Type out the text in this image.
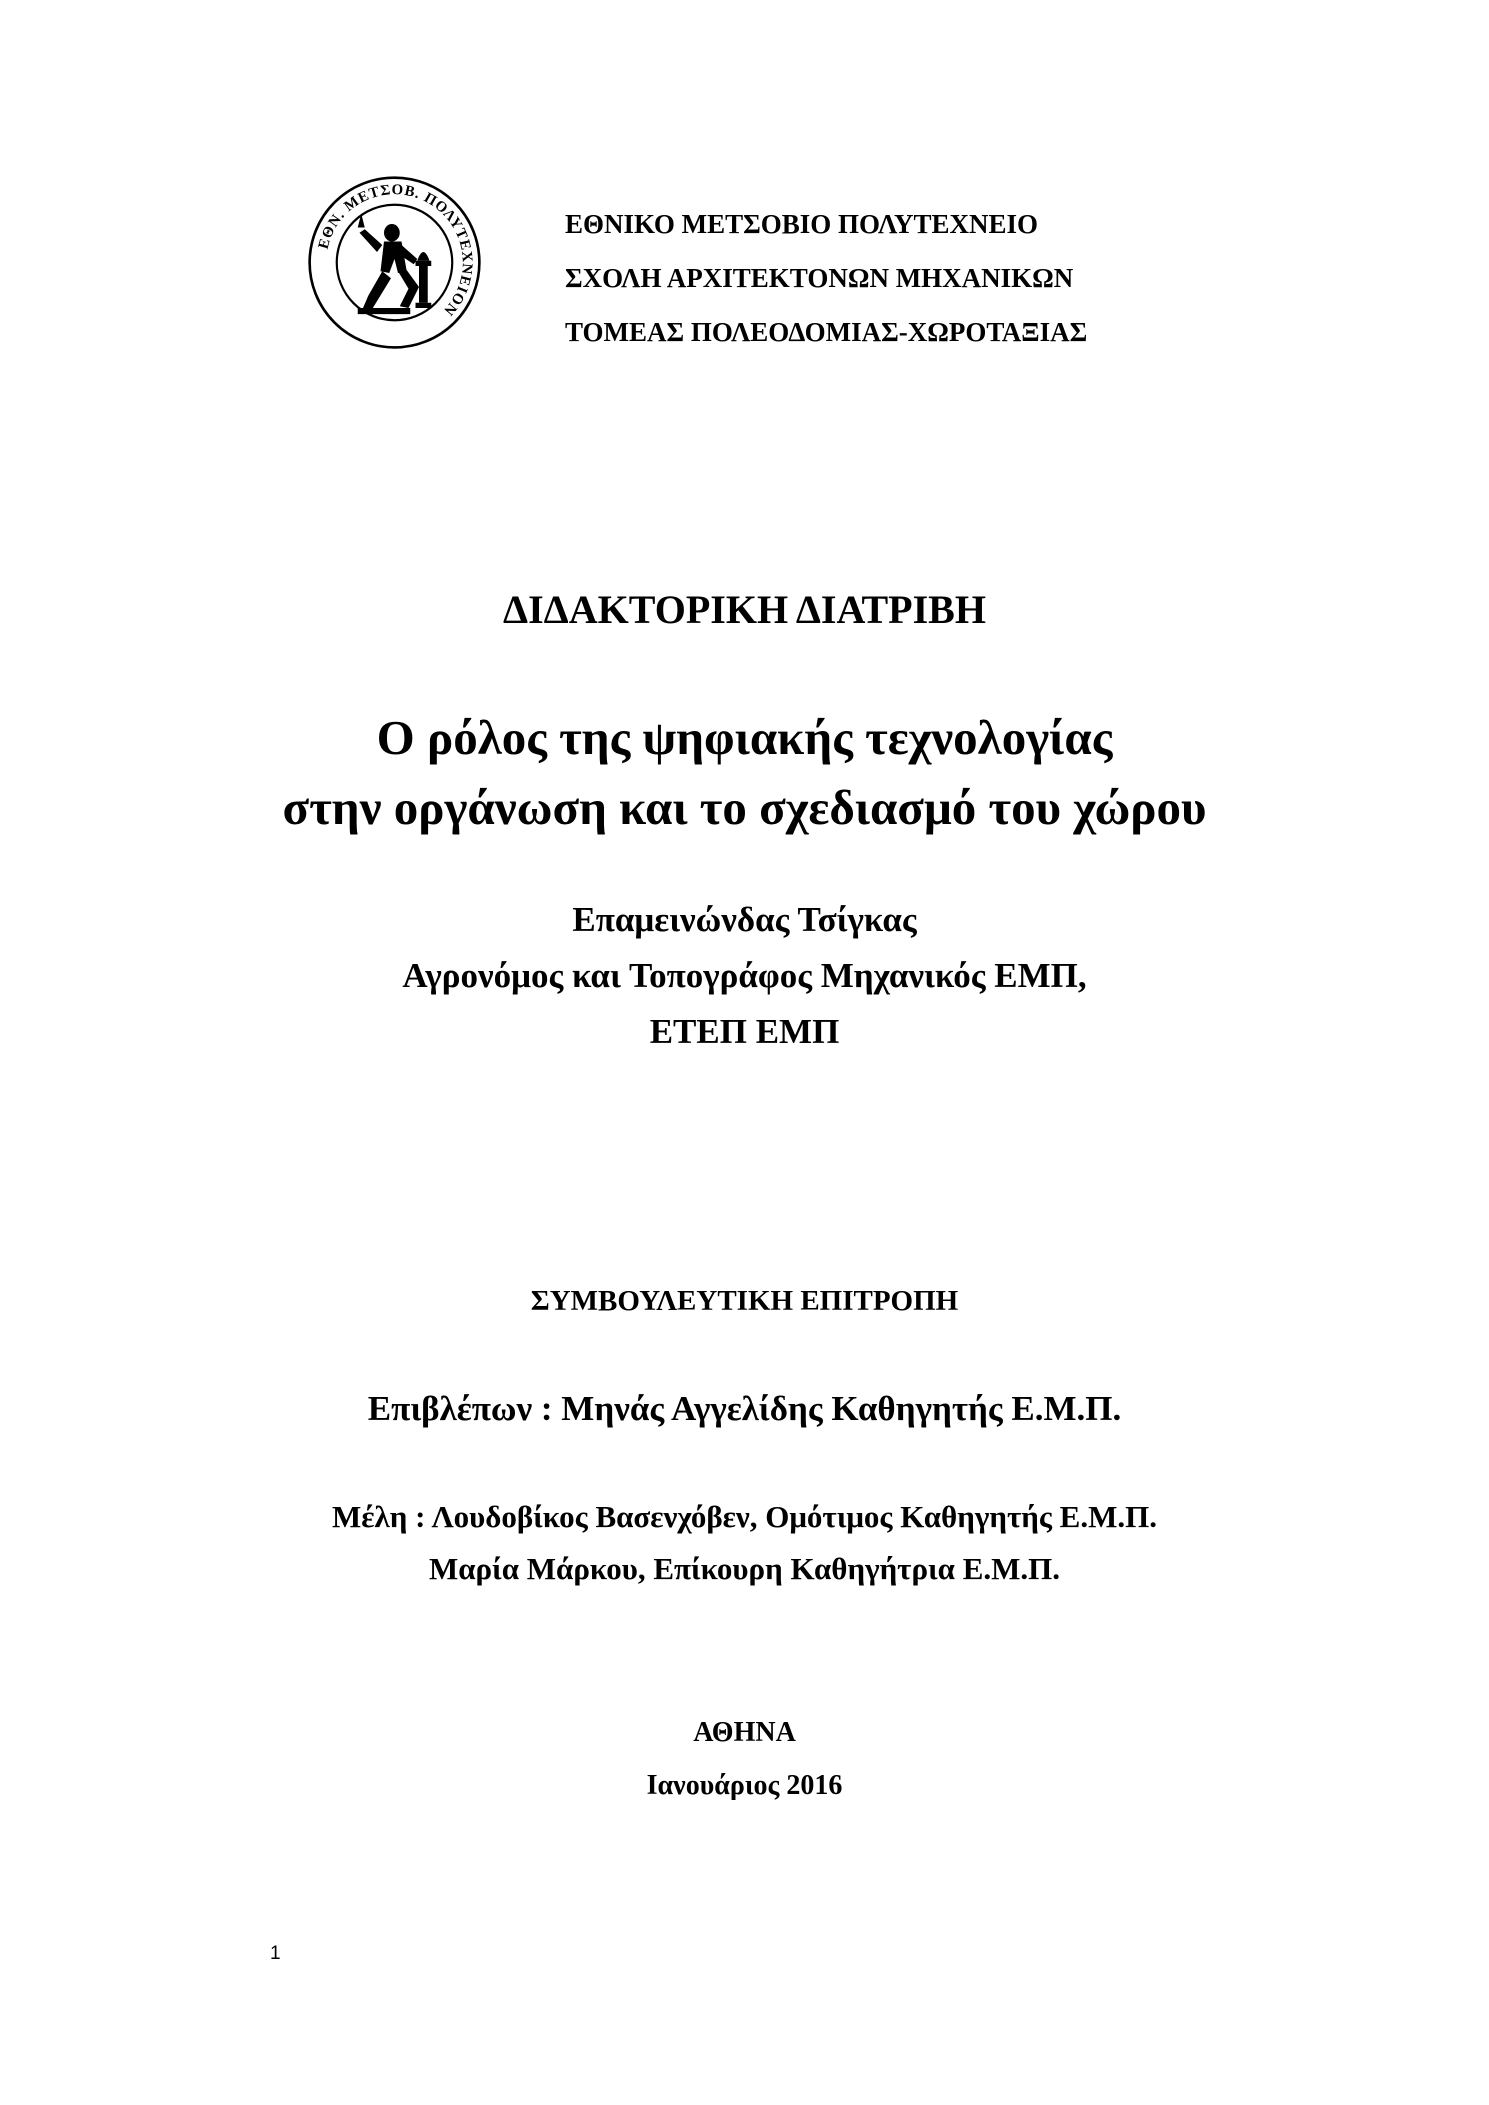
ΕΘΝ. ΜΕΤΣΟΒ. ΠΟΛΥΤΕΧΝΕΙΟΝ
ΕΘΝΙΚΟ ΜΕΤΣΟΒΙΟ ΠΟΛΥΤΕΧΝΕΙΟ
ΣΧΟΛΗ ΑΡΧΙΤΕΚΤΟΝΩΝ ΜΗΧΑΝΙΚΩΝ
ΤΟΜΕΑΣ ΠΟΛΕΟΔΟΜΙΑΣ-ΧΩΡΟΤΑΞΙΑΣ
ΔΙΔΑΚΤΟΡΙΚΗ ΔΙΑΤΡΙΒΗ
Ο ρόλος της ψηφιακής τεχνολογίας
στην οργάνωση και το σχεδιασμό του χώρου
Επαμεινώνδας Τσίγκας
Αγρονόμος και Τοπογράφος Μηχανικός ΕΜΠ,
ΕΤΕΠ ΕΜΠ
ΣΥΜΒΟΥΛΕΥΤΙΚΗ ΕΠΙΤΡΟΠΗ
Επιβλέπων : Μηνάς Αγγελίδης Καθηγητής Ε.Μ.Π.
Μέλη : Λουδοβίκος Βασενχόβεν, Ομότιμος Καθηγητής Ε.Μ.Π.
Μαρία Μάρκου, Επίκουρη Καθηγήτρια Ε.Μ.Π.
ΑΘΗΝΑ
Ιανουάριος 2016
1
